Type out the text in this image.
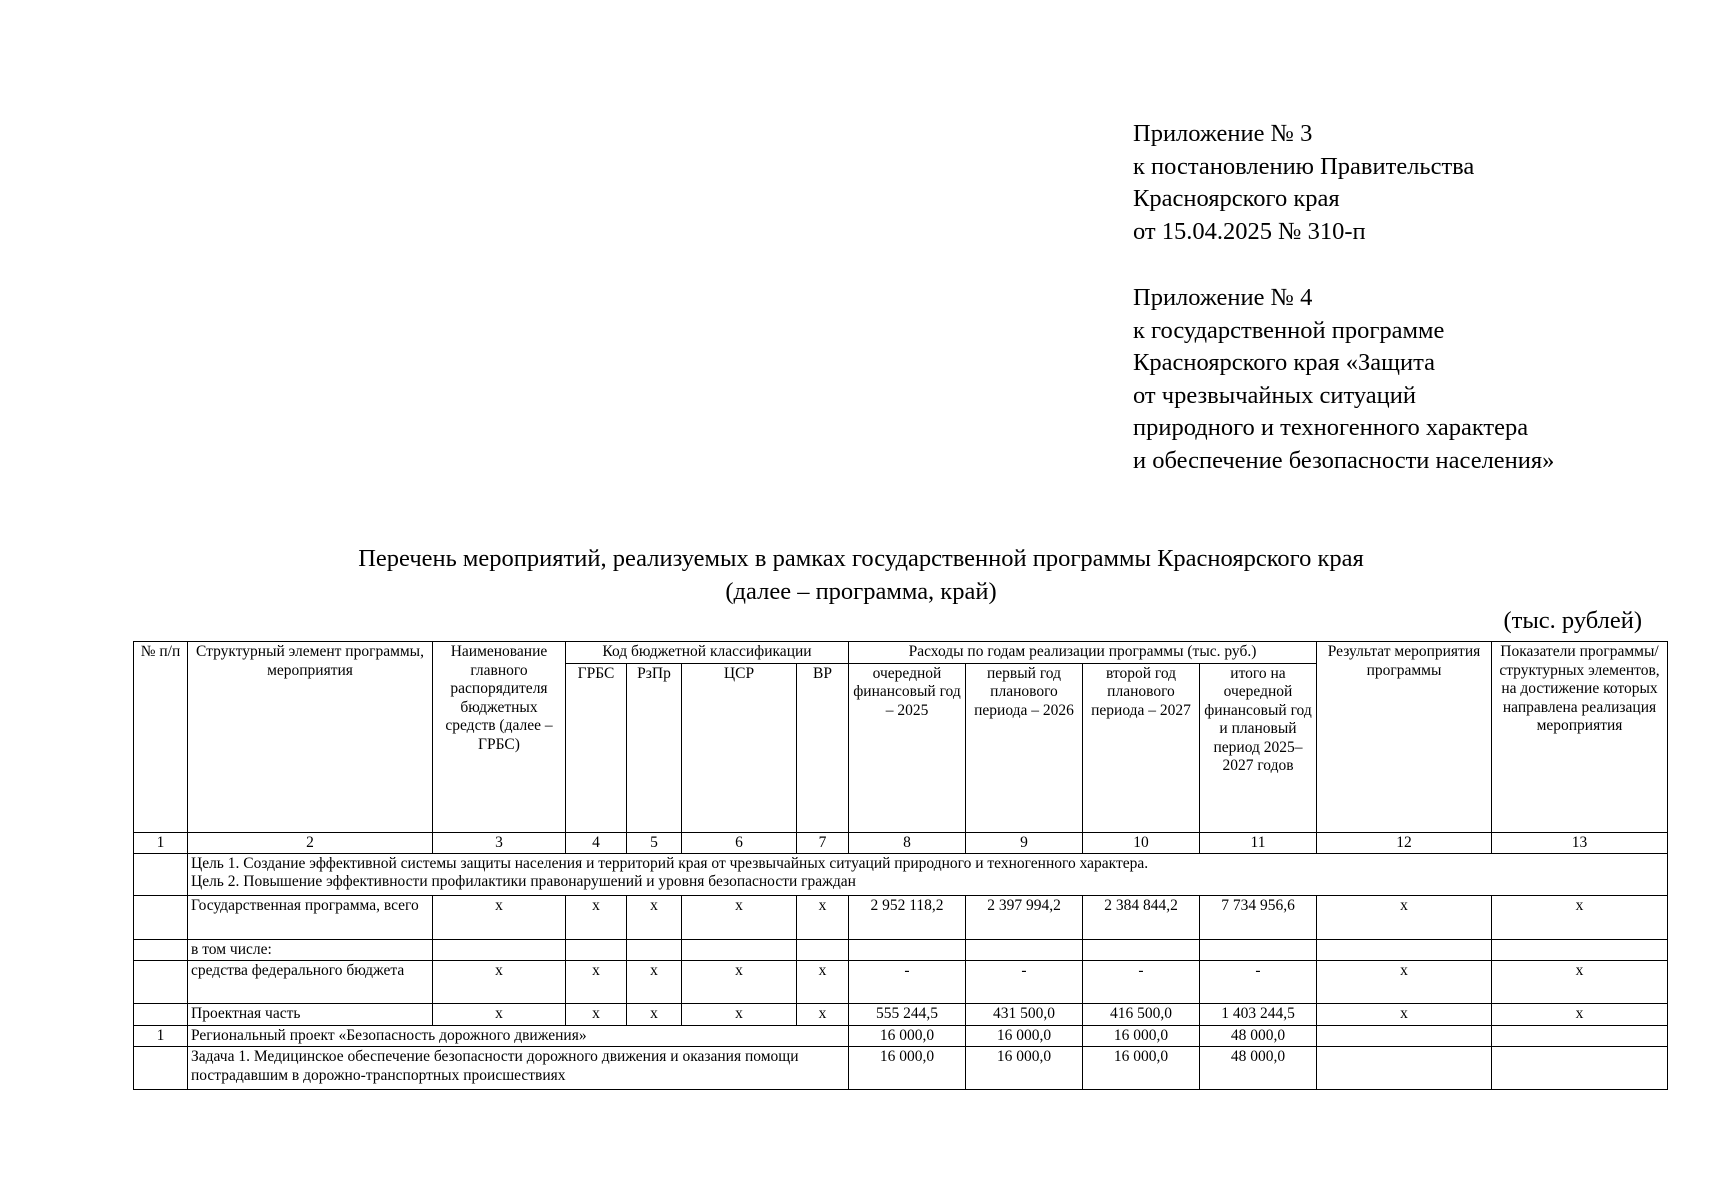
Приложение № 3
к постановлению Правительства
Красноярского края
от 15.04.2025 № 310-п
Приложение № 4
к государственной программе
Красноярского края «Защита
от чрезвычайных ситуаций
природного и техногенного характера
и обеспечение безопасности населения»
Перечень мероприятий, реализуемых в рамках государственной программы Красноярского края
(далее – программа, край)
(тыс. рублей)
№ п/п	Структурный элемент программы, мероприятия	Наименование главного распорядителя бюджетных средств (далее – ГРБС)	Код бюджетной классификации				Расходы по годам реализации программы (тыс. руб.)				Результат мероприятия программы	Показатели программы/ структурных элементов, на достижение которых направлена реализация мероприятия
			ГРБС	РзПр	ЦСР	ВР	очередной финансовый год – 2025	первый год планового периода – 2026	второй год планового периода – 2027	итого на очередной финансовый год и плановый период 2025–2027 годов		
1	2	3	4	5	6	7	8	9	10	11	12	13

	Цель 1. Создание эффективной системы защиты населения и территорий края от чрезвычайных ситуаций природного и техногенного характера.
Цель 2. Повышение эффективности профилактики правонарушений и уровня безопасности граждан											

	Государственная программа, всего	х	х	х	х	х	2 952 118,2	2 397 994,2	2 384 844,2	7 734 956,6	х	х
	в том числе:											
	средства федерального бюджета	х	х	х	х	х	-	-	-	-	х	х
	Проектная часть	х	х	х	х	х	555 244,5	431 500,0	416 500,0	1 403 244,5	х	х
1	Региональный проект «Безопасность дорожного движения»						16 000,0	16 000,0	16 000,0	48 000,0		
	Задача 1. Медицинское обеспечение безопасности дорожного движения и оказания помощи пострадавшим в дорожно-транспортных происшествиях						16 000,0	16 000,0	16 000,0	48 000,0		
